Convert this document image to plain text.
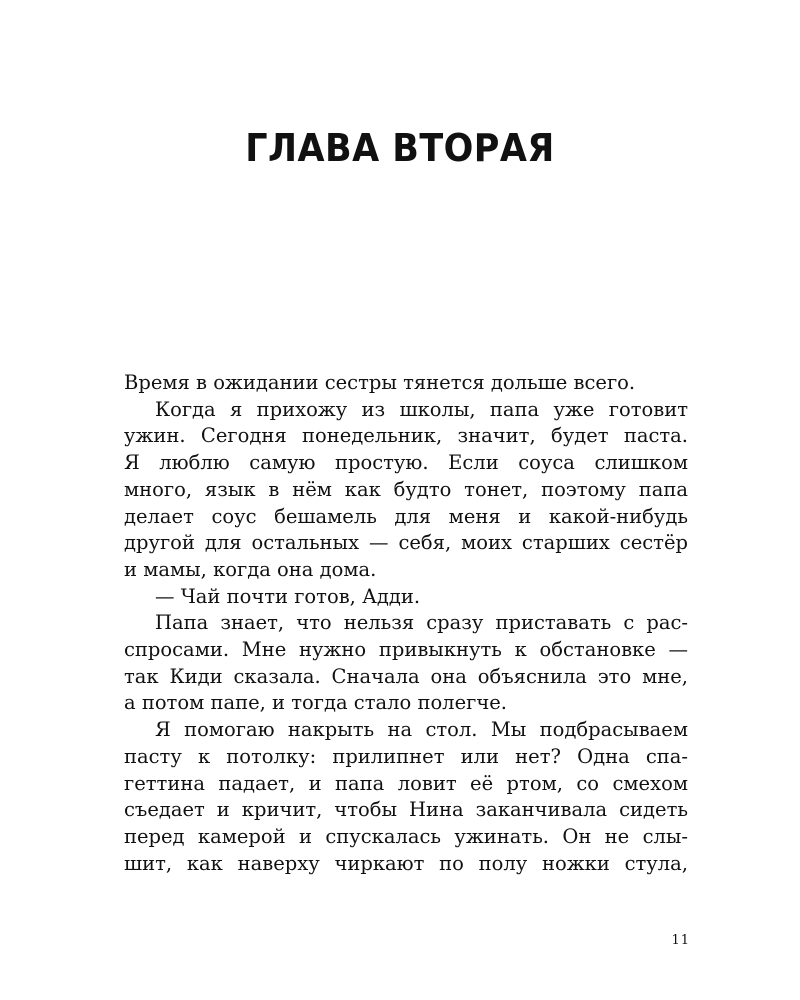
ГЛАВА ВТОРАЯ

Время в ожидании сестры тянется дольше всего.

Когда я прихожу из школы, папа уже готовит

ужин. Сегодня понедельник, значит, будет паста.

Я люблю самую простую. Если соуса слишком

много, язык в нём как будто тонет, поэтому папа

делает соус бешамель для меня и какой-нибудь

другой для остальных — себя, моих старших сестёр

и мамы, когда она дома.

— Чай почти готов, Адди.

Папа знает, что нельзя сразу приставать с рас-

спросами. Мне нужно привыкнуть к обстановке —

так Киди сказала. Сначала она объяснила это мне,

а потом папе, и тогда стало полегче.

Я помогаю накрыть на стол. Мы подбрасываем

пасту к потолку: прилипнет или нет? Одна спа-

геттина падает, и папа ловит её ртом, со смехом

съедает и кричит, чтобы Нина заканчивала сидеть

перед камерой и спускалась ужинать. Он не слы-

шит, как наверху чиркают по полу ножки стула,

11
